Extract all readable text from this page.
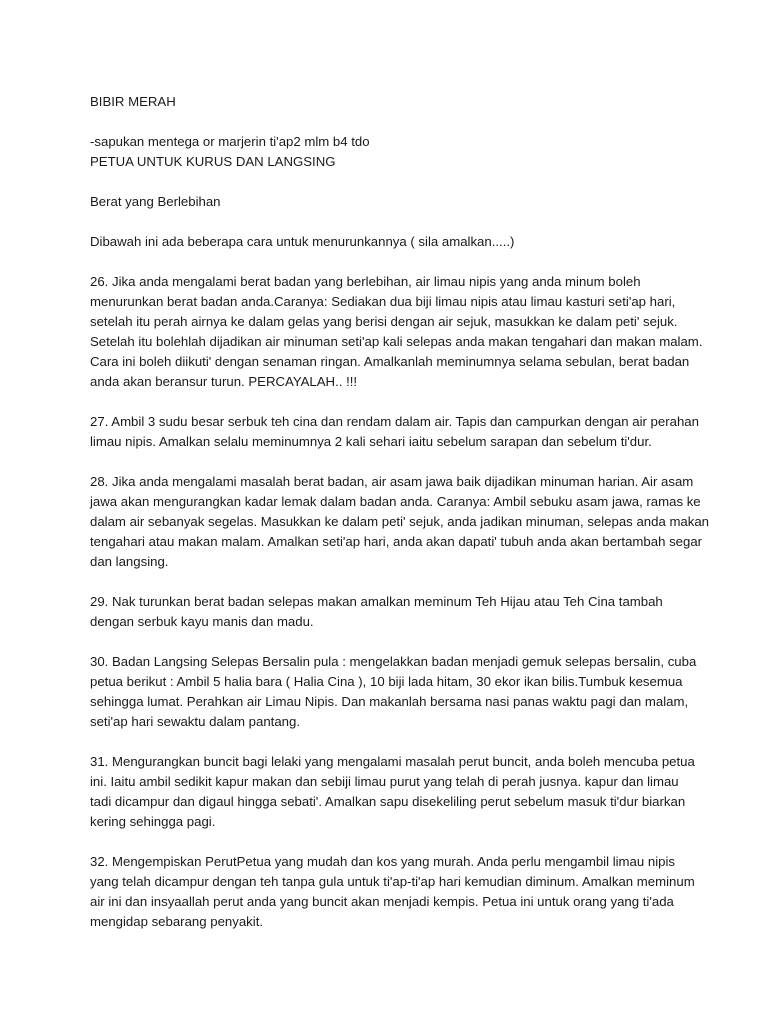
BIBIR MERAH

-sapukan mentega or marjerin ti'ap2 mlm b4 tdo

PETUA UNTUK KURUS DAN LANGSING

Berat yang Berlebihan

Dibawah ini ada beberapa cara untuk menurunkannya ( sila amalkan.....)

26. Jika anda mengalami berat badan yang berlebihan, air limau nipis yang anda minum boleh
menurunkan berat badan anda.Caranya: Sediakan dua biji limau nipis atau limau kasturi seti'ap hari,
setelah itu perah airnya ke dalam gelas yang berisi dengan air sejuk, masukkan ke dalam peti' sejuk.
Setelah itu bolehlah dijadikan air minuman seti'ap kali selepas anda makan tengahari dan makan malam.
Cara ini boleh diikuti' dengan senaman ringan. Amalkanlah meminumnya selama sebulan, berat badan
anda akan beransur turun. PERCAYALAH.. !!!

27. Ambil 3 sudu besar serbuk teh cina dan rendam dalam air. Tapis dan campurkan dengan air perahan
limau nipis. Amalkan selalu meminumnya 2 kali sehari iaitu sebelum sarapan dan sebelum ti'dur.

28. Jika anda mengalami masalah berat badan, air asam jawa baik dijadikan minuman harian. Air asam
jawa akan mengurangkan kadar lemak dalam badan anda. Caranya: Ambil sebuku asam jawa, ramas ke
dalam air sebanyak segelas. Masukkan ke dalam peti' sejuk, anda jadikan minuman, selepas anda makan
tengahari atau makan malam. Amalkan seti'ap hari, anda akan dapati' tubuh anda akan bertambah segar
dan langsing.

29. Nak turunkan berat badan selepas makan amalkan meminum Teh Hijau atau Teh Cina tambah
dengan serbuk kayu manis dan madu.

30. Badan Langsing Selepas Bersalin pula : mengelakkan badan menjadi gemuk selepas bersalin, cuba
petua berikut : Ambil 5 halia bara ( Halia Cina ), 10 biji lada hitam, 30 ekor ikan bilis.Tumbuk kesemua
sehingga lumat. Perahkan air Limau Nipis. Dan makanlah bersama nasi panas waktu pagi dan malam,
seti'ap hari sewaktu dalam pantang.

31. Mengurangkan buncit bagi lelaki yang mengalami masalah perut buncit, anda boleh mencuba petua
ini. Iaitu ambil sedikit kapur makan dan sebiji limau purut yang telah di perah jusnya. kapur dan limau
tadi dicampur dan digaul hingga sebati'. Amalkan sapu disekeliling perut sebelum masuk ti'dur biarkan
kering sehingga pagi.

32. Mengempiskan PerutPetua yang mudah dan kos yang murah. Anda perlu mengambil limau nipis
yang telah dicampur dengan teh tanpa gula untuk ti'ap-ti'ap hari kemudian diminum. Amalkan meminum
air ini dan insyaallah perut anda yang buncit akan menjadi kempis. Petua ini untuk orang yang ti'ada
mengidap sebarang penyakit.
